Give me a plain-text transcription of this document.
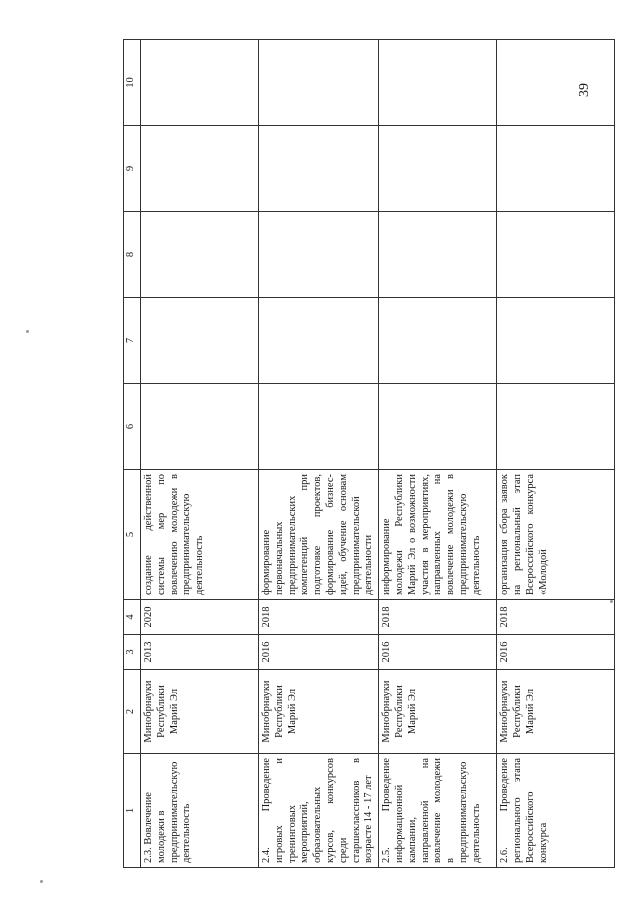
39
1	2	3	4	5	6	7	8	9	10
2.3. Вовлечение молодежи в предпринимательскую деятельность	Минобрнауки Республики Марий Эл	2013	2020	создание действенной системы мер по вовлечению молодежи в предпринимательскую деятельность					
2.4. Проведение игровых и тренинговых мероприятий, образовательных курсов, конкурсов среди старшеклассников в возрасте 14 - 17 лет	Минобрнауки Республики Марий Эл	2016	2018	формирование первоначальных предпринимательских компетенций при подготовке проектов, формирование бизнес-идей, обучение основам предпринимательской деятельности					
2.5. Проведение информационной кампании, направленной на вовлечение молодежи в предпринимательскую деятельность	Минобрнауки Республики Марий Эл	2016	2018	информирование молодежи Республики Марий Эл о возможности участия в мероприятиях, направленных на вовлечение молодежи в предпринимательскую деятельность					
2.6. Проведение регионального этапа Всероссийского конкурса	Минобрнауки Республики Марий Эл	2016	2018	организация сбора заявок на региональный этап Всероссийского конкурса «Молодой					
